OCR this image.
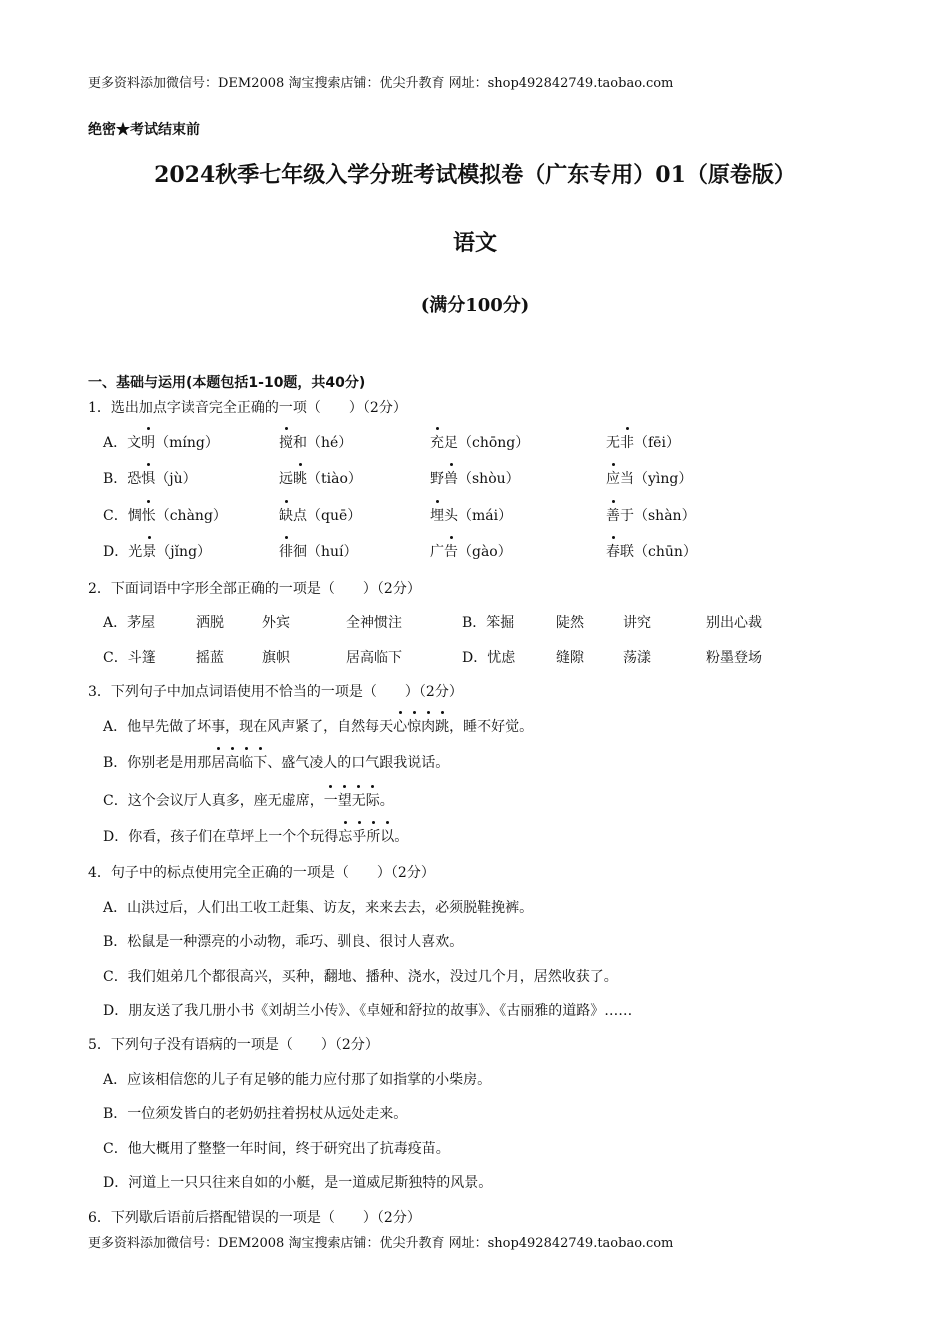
更多资料添加微信号：DEM2008 淘宝搜索店铺：优尖升教育 网址：shop492842749.taobao.com
绝密★考试结束前
2024秋季七年级入学分班考试模拟卷（广东专用）01（原卷版）
语文
(满分100分)
一、基础与运用(本题包括1-10题，共40分)
1．选出加点字读音完全正确的一项（　　）（2分）
A．文明（míng）	搅和（hé）	充足（chōng）	无非（fēi）
B．恐惧（jù）	远眺（tiào）	野兽（shòu）	应当（yìng）
C．惆怅（chàng）	缺点（quē）	埋头（mái）	善于（shàn）
D．光景（jǐng）	徘徊（huí）	广告（gào）	春联（chūn）
2．下面词语中字形全部正确的一项是（　　）（2分）
A．茅屋	洒脱	外宾	全神惯注	B．笨掘	陡然	讲究	别出心裁
C．斗篷	摇蓝	旗帜	居高临下	D．忧虑	缝隙	荡漾	粉墨登场
3．下列句子中加点词语使用不恰当的一项是（　　）（2分）
A．他早先做了坏事，现在风声紧了，自然每天心惊肉跳，睡不好觉。
B．你别老是用那居高临下、盛气凌人的口气跟我说话。
C．这个会议厅人真多，座无虚席，一望无际。
D．你看，孩子们在草坪上一个个玩得忘乎所以。
4．句子中的标点使用完全正确的一项是（　　）（2分）
A．山洪过后，人们出工收工赶集、访友，来来去去，必须脱鞋挽裤。
B．松鼠是一种漂亮的小动物，乖巧、驯良、很讨人喜欢。
C．我们姐弟几个都很高兴，买种，翻地、播种、浇水，没过几个月，居然收获了。
D．朋友送了我几册小书《刘胡兰小传》、《卓娅和舒拉的故事》、《古丽雅的道路》……
5．下列句子没有语病的一项是（　　）（2分）
A．应该相信您的儿子有足够的能力应付那了如指掌的小柴房。
B．一位须发皆白的老奶奶拄着拐杖从远处走来。
C．他大概用了整整一年时间，终于研究出了抗毒疫苗。
D．河道上一只只往来自如的小艇，是一道威尼斯独特的风景。
6．下列歇后语前后搭配错误的一项是（　　）（2分）
更多资料添加微信号：DEM2008 淘宝搜索店铺：优尖升教育 网址：shop492842749.taobao.com
